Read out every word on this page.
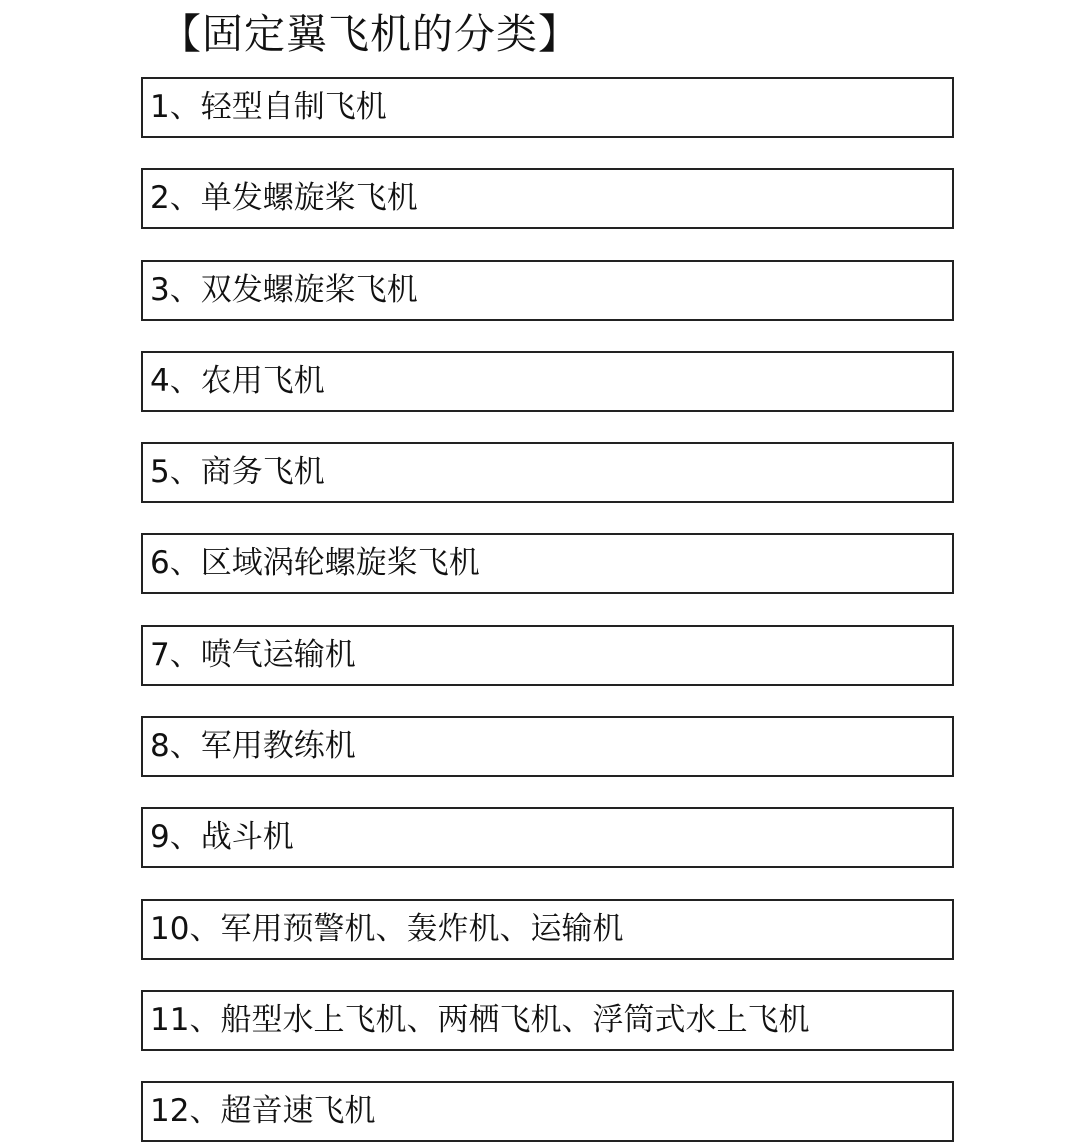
【固定翼飞机的分类】
1、轻型自制飞机
2、单发螺旋桨飞机
3、双发螺旋桨飞机
4、农用飞机
5、商务飞机
6、区域涡轮螺旋桨飞机
7、喷气运输机
8、军用教练机
9、战斗机
10、军用预警机、轰炸机、运输机
11、船型水上飞机、两栖飞机、浮筒式水上飞机
12、超音速飞机
